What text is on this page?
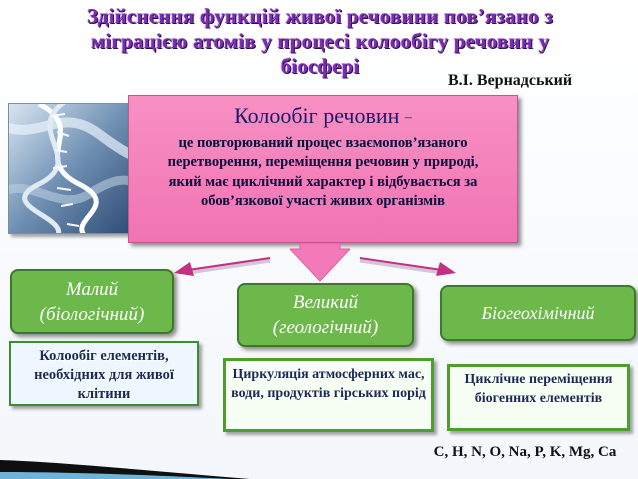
Здійснення функцій живої речовини пов’язано з
міграцією атомів у процесі колообігу речовин у
біосфері
В.І. Вернадський
Колообіг речовин –
це повторюваний процес взаємопов’язаного перетворення, переміщення речовин у природі, який має циклічний характер і відбувається за обов’язкової участі живих організмів
Малий
(біологічний)
Великий
(геологічний)
Біогеохімічний
Колообіг елементів, необхідних для живої клітини
Циркуляція атмосферних мас, води, продуктів гірських порід
Циклічне переміщення біогенних елементів
C, H, N, O, Na, P, K, Mg, Ca
